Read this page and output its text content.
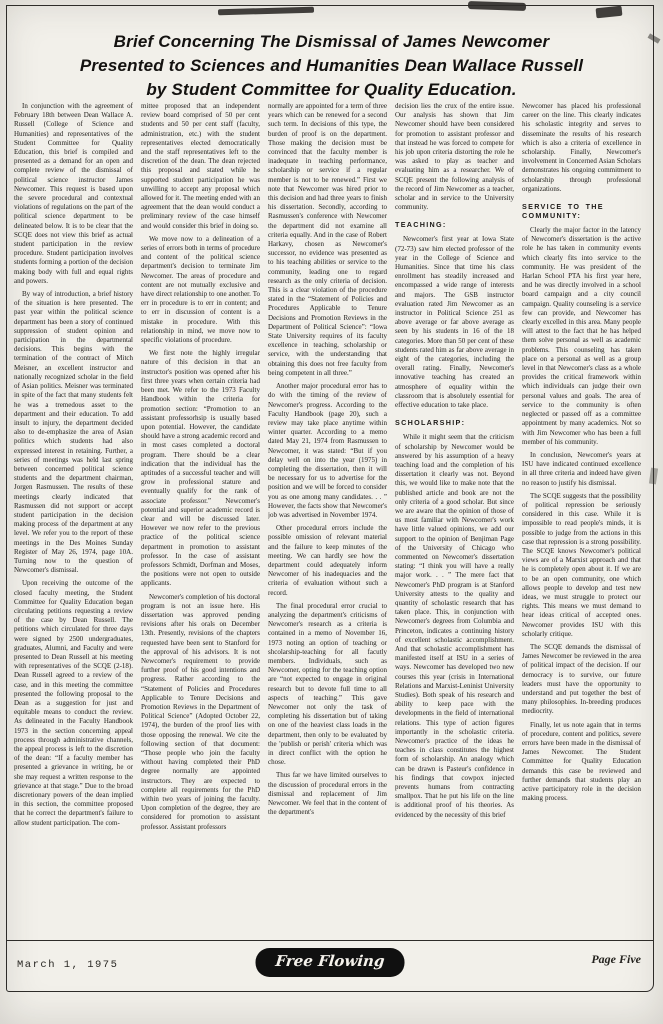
March 1, 1975	Free Flowing	Page Five
Brief Concerning The Dismissal of James Newcomer
Presented to Sciences and Humanities Dean Wallace Russell
by Student Committee for Quality Education.

In conjunction with the agreement of February 18th between Dean Wallace A. Russell (College of Science and Humanities) and representatives of the Student Committee for Quality Education, this brief is compiled and presented as a demand for an open and complete review of the dismissal of political science instructor James Newcomer. This request is based upon the severe procedural and contextual violations of regulations on the part of the political science department to be delineated below. It is to be clear that the SCQE does not view this brief as actual student participation in the review procedure. Student participation involves students forming a portion of the decision making body with full and equal rights and powers.

By way of introduction, a brief history of the situation is here presented. The past year within the political science department has been a story of continued suppression of student opinion and participation in the departmental decisions. This begins with the termination of the contract of Mitch Meisner, an excellent instructor and nationally recognized scholar in the field of Asian politics. Meisner was terminated in spite of the fact that many students felt he was a tremedous asset to the department and their education. To add insult to injury, the department decided also to de-emphasize the area of Asian politics which students had also expressed interest in retaining. Further, a series of meetings was held last spring between concerned political science students and the department chairman, Jorgen Rasmussen. The results of these meetings clearly indicated that Rasmussen did not support or accept student participation in the decision making process of the department at any level. We refer you to the report of these meetings in the Des Moines Sunday Register of May 26, 1974, page 10A. Turning now to the question of Newcomer's dismissal.

Upon receiving the outcome of the closed faculty meeting, the Student Committee for Quality Education began circulating petitions requesting a review of the case by Dean Russell. The petitions which circulated for three days were signed by 2500 undergraduates, graduates, Alumni, and Faculty and were presented to Dean Russell at his meeting with representatives of the SCQE (2-18). Dean Russell agreed to a review of the case, and in this meeting the committee presented the following proposal to the Dean as a suggestion for just and equitable means to conduct the review. As delineated in the Faculty Handbook 1973 in the section concerning appeal process through administrative channels, the appeal process is left to the discretion of the dean: “If a faculty member has presented a grievance in writing, he or she may request a written response to the grievance at that stage.” Due to the broad discretionary powers of the dean implied in this section, the committee proposed that he correct the department's failure to allow student participation. The com-

mittee proposed that an independent review board comprised of 50 per cent students and 50 per cent staff (faculty, administration, etc.) with the student representatives elected democratically and the staff representatives left to the discretion of the dean. The dean rejected this proposal and stated while he supported student participation he was unwilling to accept any proposal which allowed for it. The meeting ended with an agreement that the dean would conduct a preliminary review of the case himself and would consider this brief in doing so.

We move now to a delineation of a series of errors both in terms of procedure and content of the political science department's decision to terminate Jim Newcomer. The areas of procedure and content are not mutually exclusive and have direct relationship to one another. To err in procedure is to err in content; and to err in discussion of content is a mistake in procedure. With this relationship in mind, we move now to specific violations of procedure.

We first note the highly irregular nature of this decision in that an instructor's position was opened after his first three years when certain criteria had been met. We refer to the 1973 Faculty Handbook within the criteria for promotion section: “Promotion to an assistant professorhsip is usually based upon potential. However, the candidate should have a strong academic record and in most cases completed a doctoral program. There should be a clear indication that the individual has the aptitudes of a successful teacher and will grow in professional stature and eventually qualify for the rank of associate professor.” Newcomer's potential and superior academic record is clear and will be discussed later. However we now refer to the previous practice of the political science department in promotion to assistant professor. In the case of assistant professors Schmidt, Dorfman and Moses, the positions were not open to outside applicants.

Newcomer's completion of his doctoral program is not an issue here. His dissertation was approved pending revisions after his orals on December 13th. Presently, revisions of the chapters requested have been sent to Stanford for the approval of his advisors. It is not Newcomer's requirement to provide further proof of his good intentions and progress. Rather according to the “Statement of Policies and Procedures Applicable to Tenure Decisions and Promotion Reviews in the Department of Political Science” (Adopted October 22, 1974), the burden of the proof lies with those opposing the renewal. We cite the following section of that document: “Those people who join the faculty without having completed their PhD degree normally are appointed instructors. They are expected to complete all requirements for the PhD within two years of joining the faculty. Upon completion of the degree, they are considered for promotion to assistant professor. Assistant professors

normally are appointed for a term of three years which can be renewed for a second such term. In decisions of this type, the burden of proof is on the department. Those making the decision must be convinced that the faculty member is inadequate in teaching performance, scholarship or service if a regular member is not to be renewed.” First we note that Newcomer was hired prior to this decision and had three years to finish his dissertation. Secondly, according to Rasmussen's conference with Newcomer the department did not examine all criteria equally. And in the case of Robert Harkavy, chosen as Newcomer's successor, no evidence was presented as to his teaching abilities or service to the community, leading one to regard research as the only criteria of decision. This is a clear violation of the procedure stated in the “Statement of Policies and Procedures Applicable to Tenure Decisions and Promotion Reviews in the Department of Political Science”: “Iowa State University requires of its faculty excellence in teaching, scholarship or service, with the understanding that obtaining this does not free faculty from being competent in all three.”

Another major procedural error has to do with the timing of the review of Newcomer's progress. According to the Faculty Handbook (page 20), such a review may take place anytime within winter quarter. According to a memo dated May 21, 1974 from Rasmussen to Newcomer, it was stated: “But if you delay well on into the year (1975) in completing the dissertation, then it will be necessary for us to advertise for the position and we will be forced to consider you as one among many candidates. . . ” However, the facts show that Newcomer's job was advertised in November 1974.

Other procedural errors include the possible omission of relevant material and the failure to keep minutes of the meeting. We can hardly see how the department could adequately inform Newcomer of his inadequacies and the criteria of evaluation without such a record.

The final procedural error crucial to analyzing the department's criticisms of Newcomer's research as a criteria is contained in a memo of November 16, 1973 noting an option of teaching or shcolarship-teaching for all facutly members. Individuals, such as Newcomer, opting for the teaching option are “not expected to engage in original research but to devote full time to all aspects of teaching.” This gave Newcomer not only the task of completing his dissertation but of taking on one of the heaviest class loads in the department, then only to be evaluated by the 'publish or perish' criteria which was in direct conflict with the option he chose.

Thus far we have limited ourselves to the discussion of procedural errors in the dismissal and replacement of Jim Newcomer. We feel that in the content of the department's

decision lies the crux of the entire issue. Our analysis has shown that Jim Newcomer should have been considered for promotion to assistant professor and that instead he was forced to compete for his job upon criteria distorting the role he was asked to play as teacher and evaluating him as a researcher. We of SCQE present the following analysis of the record of Jim Newcomer as a teacher, scholar and in service to the University community.

TEACHING:

Newcomer's first year at Iowa State (72-73) saw him elected professor of the year in the College of Science and Humanities. Since that time his class enrollment has steadily increased and encompassed a wide range of interests and majors. The GSB instructor evaluation rated Jim Newcomer as an instructor in Political Science 251 as above average or far above average as seen by his students in 16 of the 18 categories. More than 50 per cent of these students rated him as far above average in eight of the categories, including the overall rating. Finally, Newcomer's innovative teaching has created an atmosphere of equality within the classroom that is absolutely essential for effective education to take place.

SCHOLARSHIP:

While it might seem that the criticism of scholarship by Newcomer would be answered by his assumption of a heavy teaching load and the completion of his dissertation it clearly was not. Beyond this, we would like to make note that the published article and book are not the only criteria of a good scholar. But since we are aware that the opinion of those of us most familiar with Newcomer's work have little valued opinions, we add our support to the opinion of Benjiman Page of the University of Chicago who commented on Newcomer's dissertation stating: “I think you will have a really major work. . . ” The mere fact that Newcomer's PhD program is at Stanford University attests to the quality and quantity of scholastic research that has taken place. This, in conjunction with Newcomer's degrees from Columbia and Princeton, indicates a continuing history of excellent scholastic accomplishment. And that scholastic accomplishment has manifested itself at ISU in a series of ways. Newcomer has developed two new courses this year (crisis in International Relations and Marxist-Leninist University Studies). Both speak of his research and ability to keep pace with the developments in the field of international relations. This type of action figures importantly in the scholastic criteria. Newcomer's practice of the ideas he teaches in class constitutes the highest form of scholarship. An analogy which can be drawn is Pasteur's confidence in his findings that cowpox injected prevents humans from contracting smallpox. That he put his life on the line is additional proof of his theories. As evidenced by the necessity of this brief

Newcomer has placed his professional career on the line. This clearly indicates his scholastic integrity and serves to disseminate the results of his research which is also a criteria of excellence in scholarship. Finally, Newcomer's involvement in Concerned Asian Scholars demonstrates his ongoing commitment to scholarship through professional organizations.

SERVICE TO THE COMMUNITY:

Clearly the major factor in the latency of Newcomer's dissertation is the active role he has taken in community events which clearly fits into service to the community. He was president of the Harlan School PTA his first year here, and he was directly involved in a school board campaign and a city council campaign. Quality counseling is a service few can provide, and Newcomer has clearly excelled in this area. Many people will attest to the fact that he has helped them solve personal as well as academic problems. This counseling has taken place on a personal as well as a group level in that Newcomer's class as a whole provides the critical framework within which individuals can judge their own personal values and goals. The area of service to the community is often neglected or passed off as a committee appointment by many academics. Not so with Jim Newcomer who has been a full member of his community.

In conclusion, Newcomer's years at ISU have indicated continued excellence in all three criteria and indeed have given no reason to justify his dismissal.

The SCQE suggests that the possibility of political repression be seriously considered in this case. While it is impossible to read people's minds, it is possible to judge from the actions in this case that repression is a strong possibility. The SCQE knows Newcomer's political views are of a Marxist approach and that he is completely open about it. If we are to be an open community, one which allows people to develop and test new ideas, we must struggle to protect our rights. This means we must demand to hear ideas critical of accepted ones. Newcomer provides ISU with this scholarly critique.

The SCQE demands the dismissal of James Newcomer be reviewed in the area of political impact of the decision. If our democracy is to survive, our future leaders must have the opportunity to understand and put together the best of many philosophies. In-breeding produces mediocrity.

Finally, let us note again that in terms of procedure, content and politics, severe errors have been made in the dismissal of James Newcomer. The Student Committee for Quality Education demands this case be reviewed and further demands that students play an active participatory role in the decision making process.
